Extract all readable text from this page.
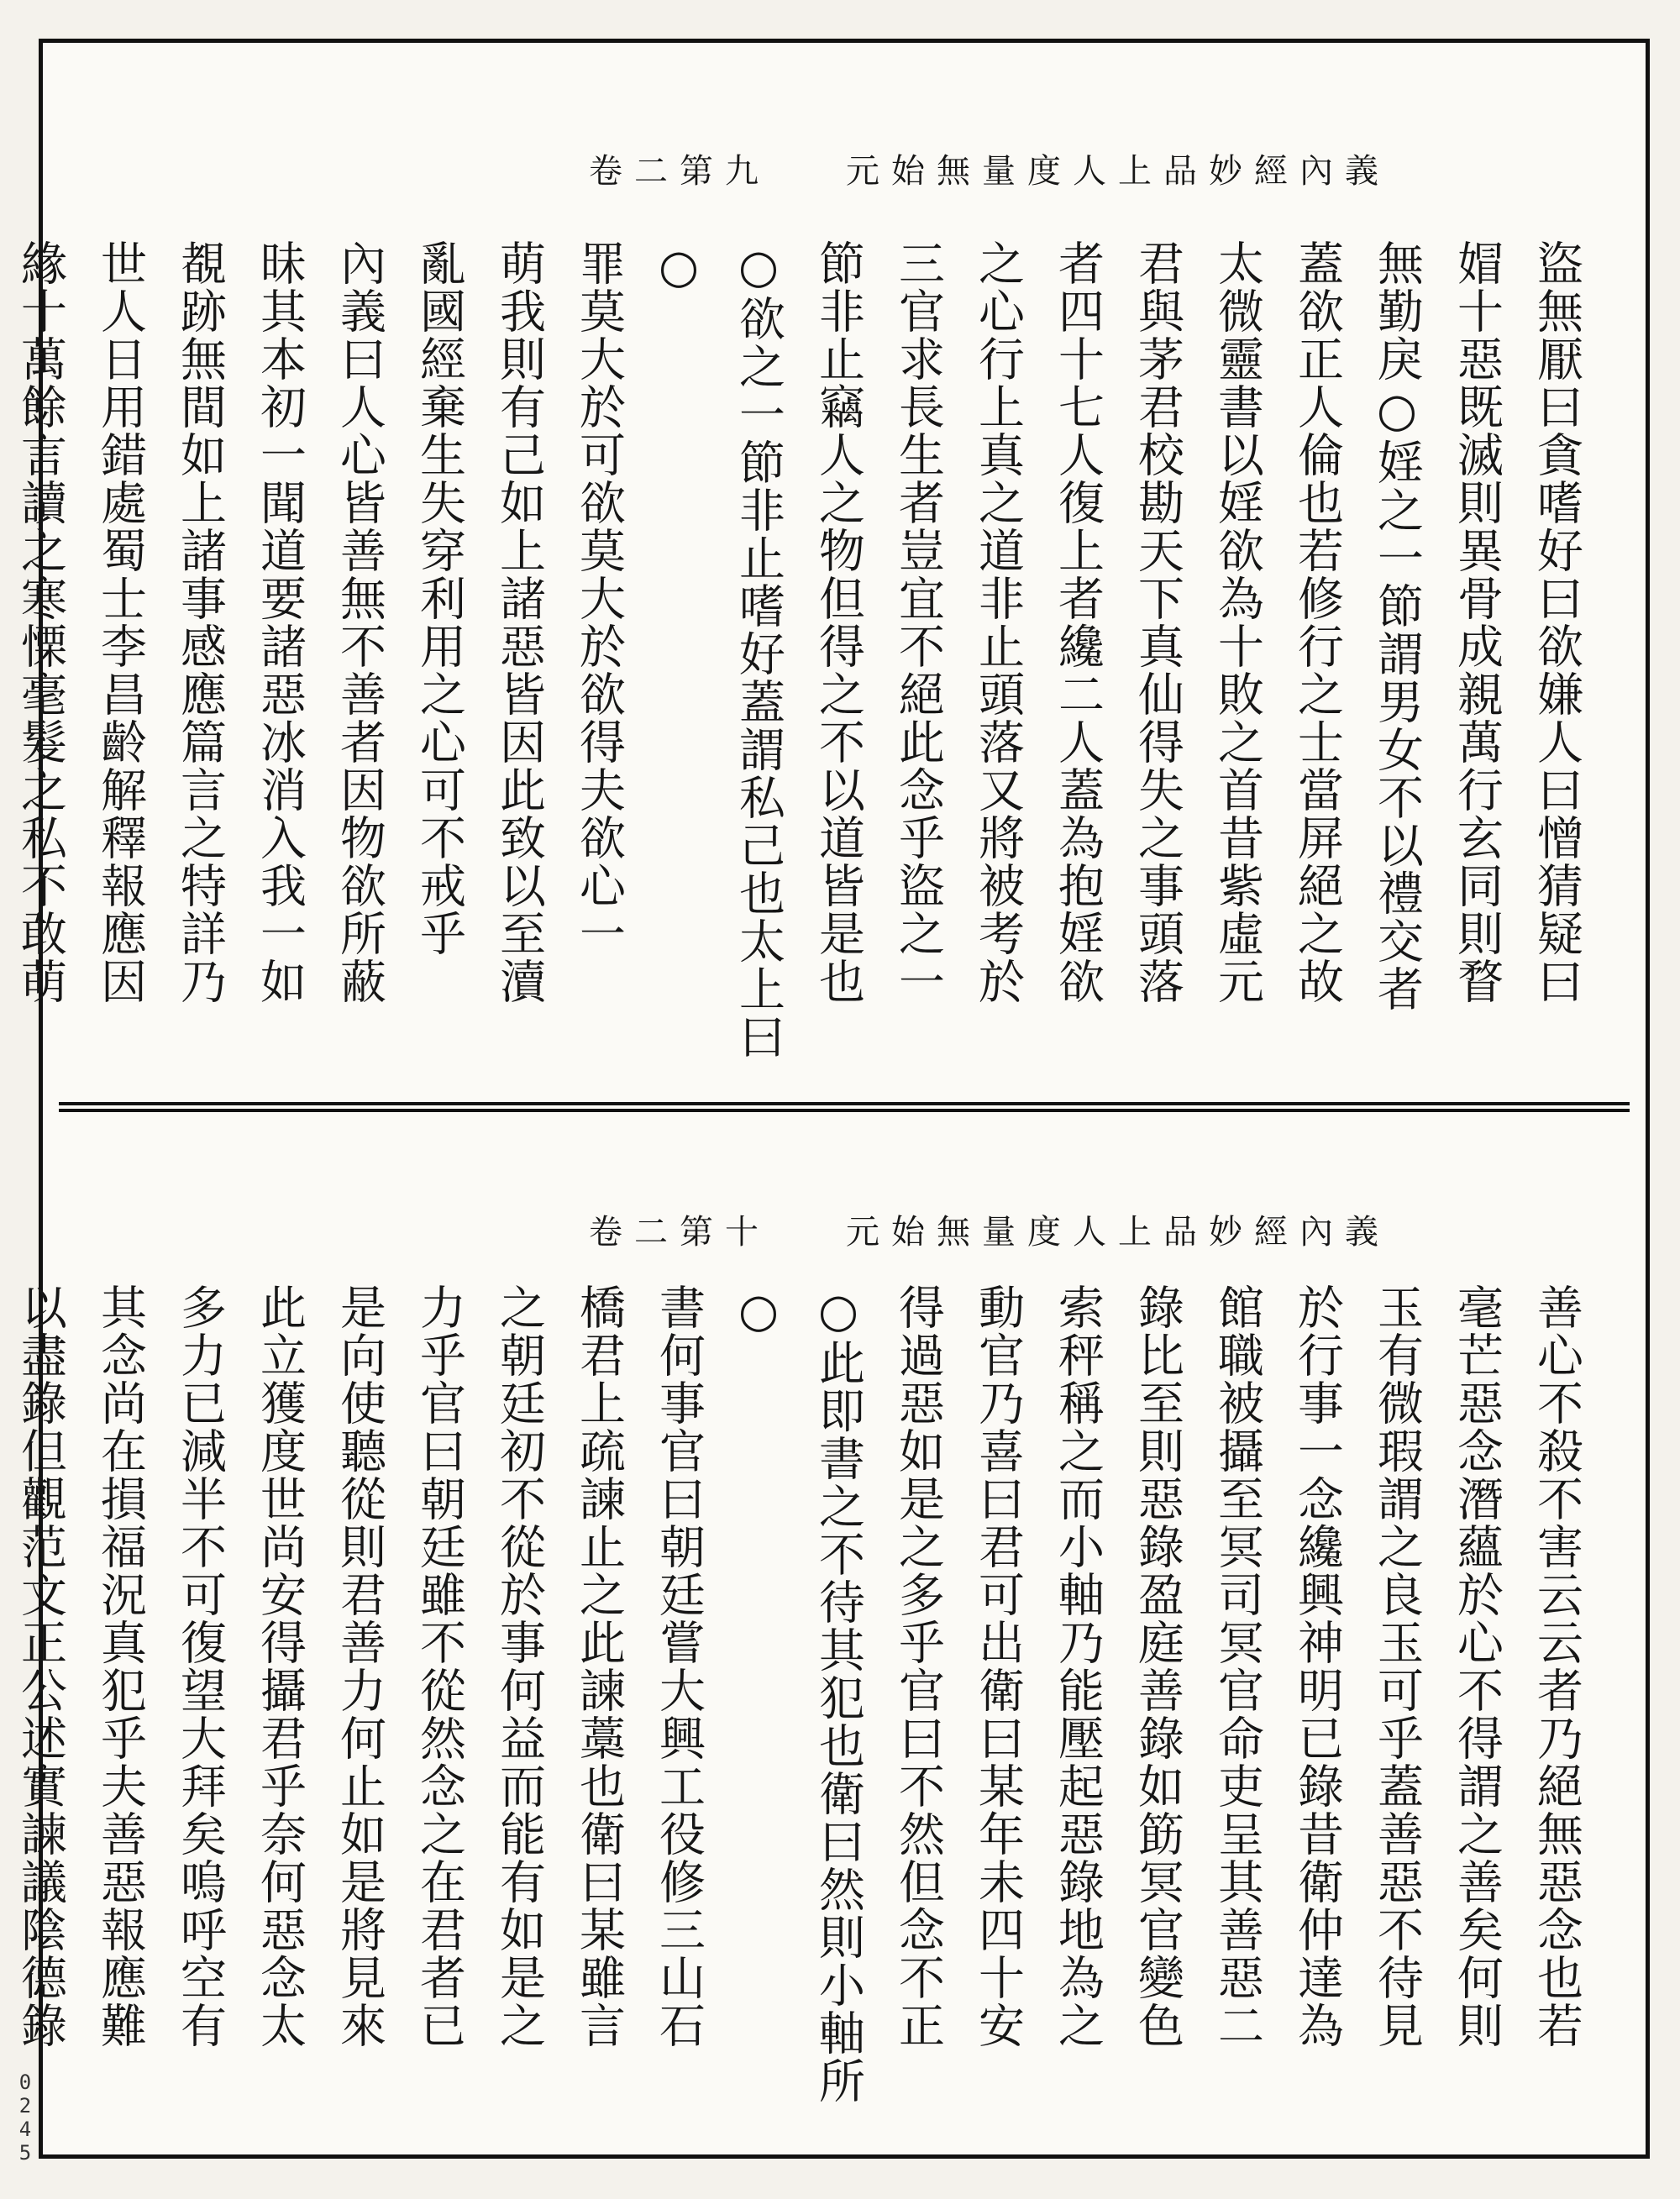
卷二第九 元始無量度人上品妙經內義

盜無厭曰貪嗜好曰欲嫌人曰憎猜疑曰

媢十惡既滅則異骨成親萬行玄同則瞀

無勤戾○婬之一節謂男女不以禮交者

蓋欲正人倫也若修行之士當屏絕之故

太微靈書以婬欲為十敗之首昔紫虛元

君與茅君校勘天下真仙得失之事頭落

者四十七人復上者纔二人蓋為抱婬欲

之心行上真之道非止頭落又將被考於

三官求長生者豈宜不絕此念乎盜之一

節非止竊人之物但得之不以道皆是也

○欲之一節非止嗜好蓋謂私己也太上曰○

罪莫大於可欲莫大於欲得夫欲心一

萌我則有己如上諸惡皆因此致以至瀆

亂國經棄生失穿利用之心可不戒乎

內義曰人心皆善無不善者因物欲所蔽

昧其本初一聞道要諸惡冰消入我一如

覩跡無間如上諸事感應篇言之特詳乃

世人日用錯處蜀士李昌齡解釋報應因

緣十萬餘言讀之寒慄毫髮之私不敢萌

卷二第十 元始無量度人上品妙經內義

善心不殺不害云云者乃絕無惡念也若

毫芒惡念潛蘊於心不得謂之善矣何則

玉有微瑕謂之良玉可乎蓋善惡不待見

於行事一念纔興神明已錄昔衛仲達為

館職被攝至冥司冥官命吏呈其善惡二

錄比至則惡錄盈庭善錄如筯冥官變色

索秤稱之而小軸乃能壓起惡錄地為之

動官乃喜曰君可出衛曰某年未四十安

得過惡如是之多乎官曰不然但念不正

○此即書之不待其犯也衛曰然則小軸所○

書何事官曰朝廷嘗大興工役修三山石

橋君上疏諫止之此諫藁也衛曰某雖言

之朝廷初不從於事何益而能有如是之

力乎官曰朝廷雖不從然念之在君者已

是向使聽從則君善力何止如是將見來

此立獲度世尚安得攝君乎奈何惡念太

多力已減半不可復望大拜矣嗚呼空有

其念尚在損福況真犯乎夫善惡報應難

以盡錄但觀范文正公述實諫議陰德錄

0245
